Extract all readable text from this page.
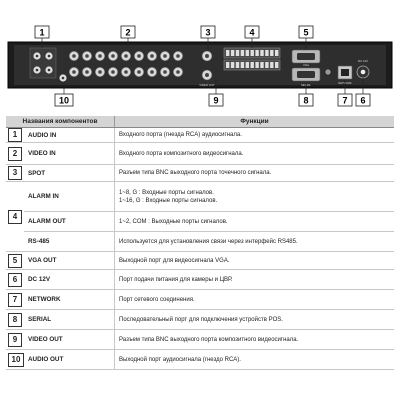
VIDEO OUT
VGA
SERIAL	NETWORK
DC 12V
1	2	3	4	5
10	9	8	7 6
Названия компонентов		Функции
1	AUDIO IN	Входного порта (гнезда RCA) аудиосигнала.
2	VIDEO IN	Входного порта композитного видеосигнала.
3	SPOT	Разъем типа BNC выходного порта точечного сигнала.
4	ALARM IN	1~8, G : Входные порты сигналов.
1~16, G : Входные порты сигналов.

	ALARM OUT	1~2, COM : Выходные порты сигналов.
	RS-485	Используется для установления связи через интерфейс RS485.
5	VGA OUT	Выходной порт для видеосигнала VGA.
6	DC 12V	Порт подачи питания для камеры и ЦВР.
7	NETWORK	Порт сетевого соединения.
8	SERIAL	Последовательный порт для подключения устройств POS.
9	VIDEO OUT	Разъем типа BNC выходного порта композитного видеосигнала.
10	AUDIO OUT	Выходной порт аудиосигнала (гнездо RCA).
